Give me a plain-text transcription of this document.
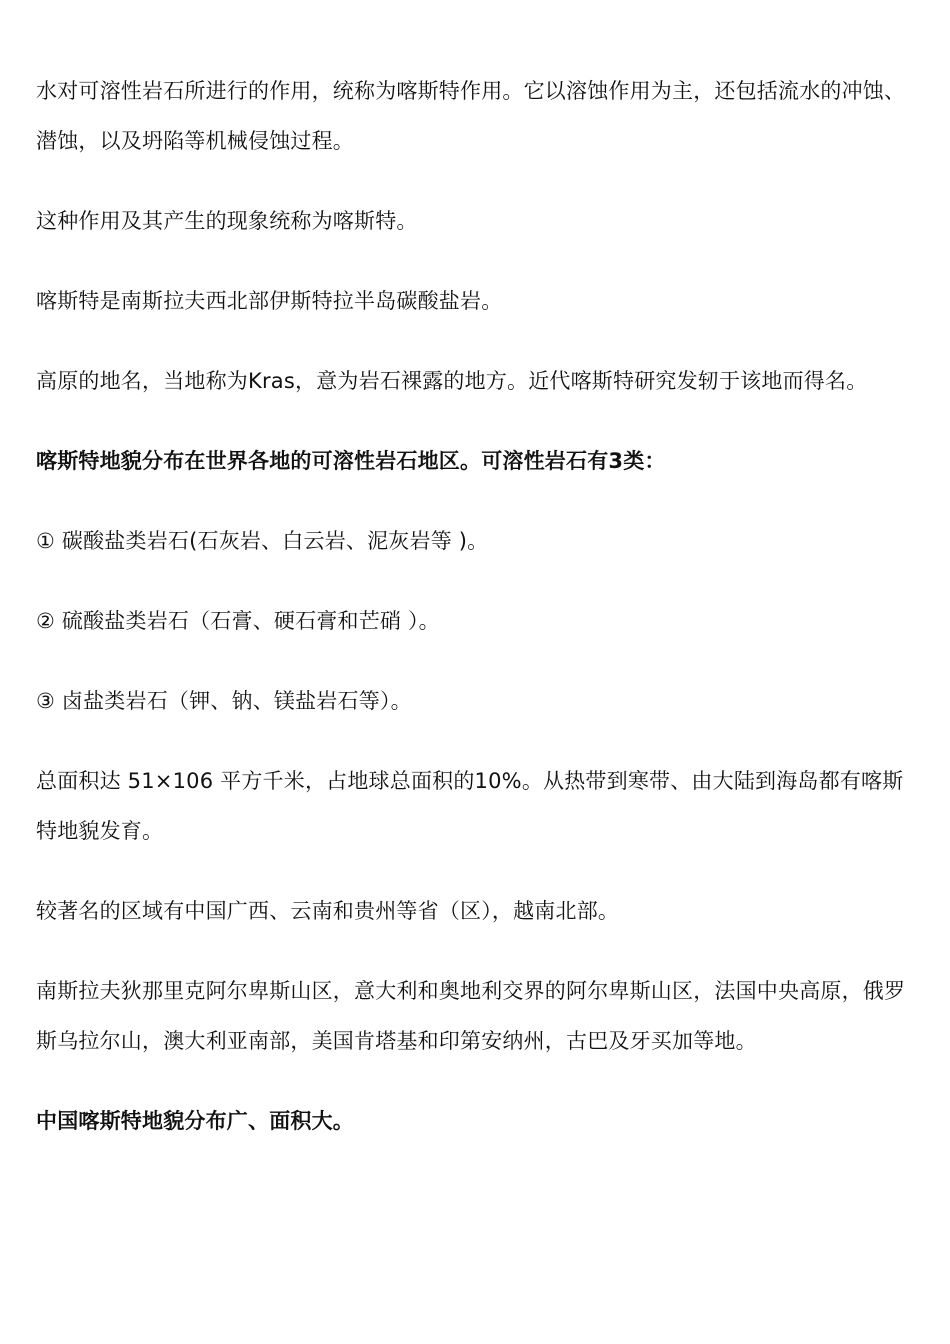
水对可溶性岩石所进行的作用，统称为喀斯特作用。它以溶蚀作用为主，还包括流水的冲蚀、潜蚀，以及坍陷等机械侵蚀过程。

这种作用及其产生的现象统称为喀斯特。

喀斯特是南斯拉夫西北部伊斯特拉半岛碳酸盐岩。

高原的地名，当地称为Kras，意为岩石裸露的地方。近代喀斯特研究发轫于该地而得名。

喀斯特地貌分布在世界各地的可溶性岩石地区。可溶性岩石有3类：

① 碳酸盐类岩石(石灰岩、白云岩、泥灰岩等 )。

② 硫酸盐类岩石（石膏、硬石膏和芒硝 ）。

③ 卤盐类岩石（钾、钠、镁盐岩石等）。

总面积达 51×106 平方千米，占地球总面积的10%。从热带到寒带、由大陆到海岛都有喀斯特地貌发育。

较著名的区域有中国广西、云南和贵州等省（区），越南北部。

南斯拉夫狄那里克阿尔卑斯山区，意大利和奥地利交界的阿尔卑斯山区，法国中央高原，俄罗斯乌拉尔山，澳大利亚南部，美国肯塔基和印第安纳州，古巴及牙买加等地。

中国喀斯特地貌分布广、面积大。
